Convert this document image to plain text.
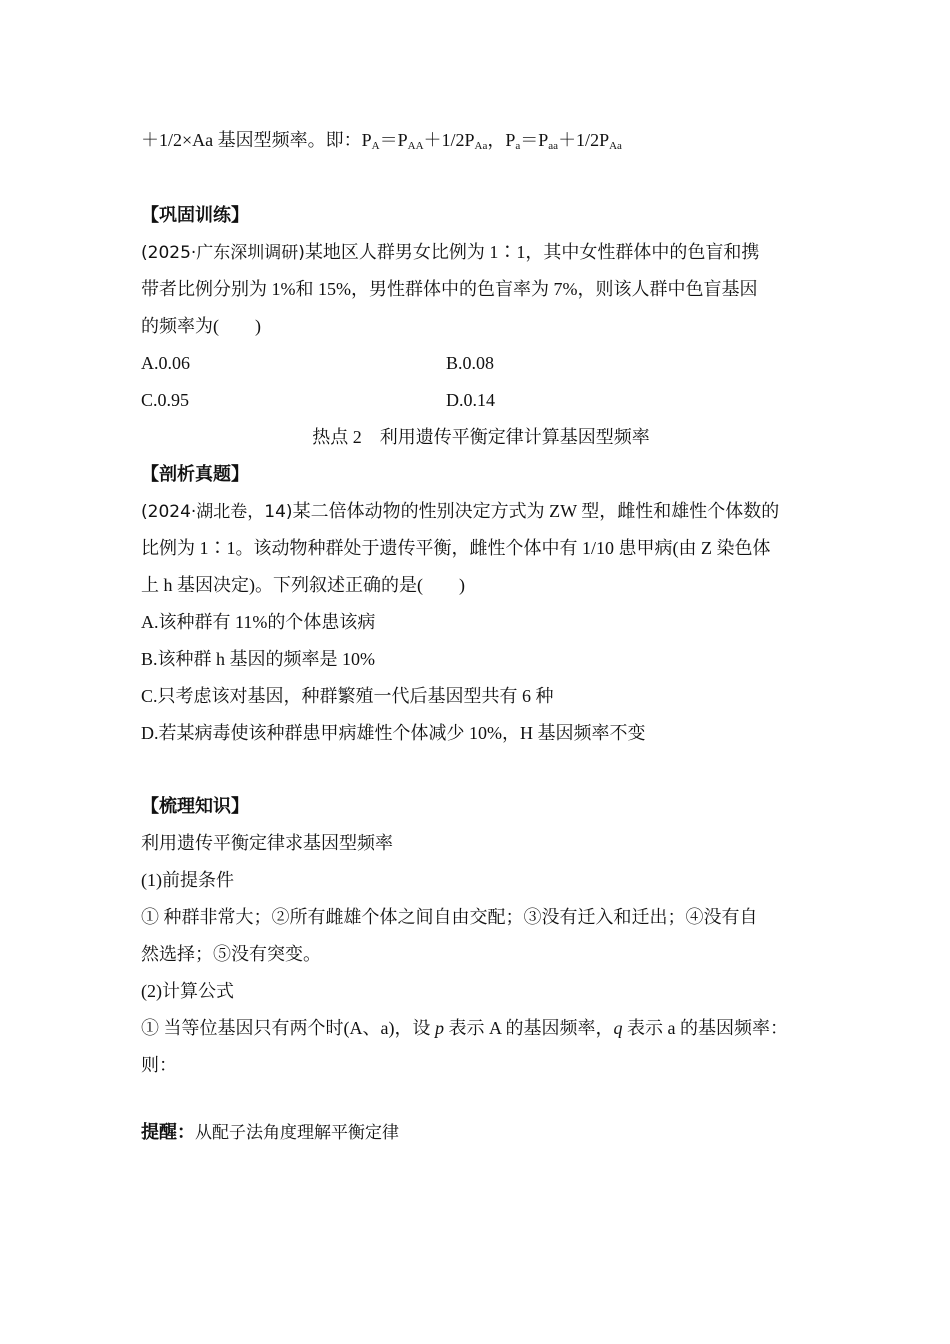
＋1/2×Aa 基因型频率。即：$P_A=P_{AA}+1/2P_{Aa}$，$P_a=P_{aa}+1/2P_{Aa}$
【巩固训练】
(2025·广东深圳调研)某地区人群男女比例为 1∶1，其中女性群体中的色盲和携
带者比例分别为 1%和 15%，男性群体中的色盲率为 7%，则该人群中色盲基因
的频率为(　　)
A.0.06	B.0.08
C.0.95	D.0.14
热点 2　利用遗传平衡定律计算基因型频率
【剖析真题】
(2024·湖北卷，14)某二倍体动物的性别决定方式为 ZW 型，雌性和雄性个体数的
比例为 1∶1。该动物种群处于遗传平衡，雌性个体中有 1/10 患甲病(由 Z 染色体
上 h 基因决定)。下列叙述正确的是(　　)
A.该种群有 11%的个体患该病
B.该种群 h 基因的频率是 10%
C.只考虑该对基因，种群繁殖一代后基因型共有 6 种
D.若某病毒使该种群患甲病雄性个体减少 10%，H 基因频率不变
【梳理知识】
利用遗传平衡定律求基因型频率
(1)前提条件
① 种群非常大；②所有雌雄个体之间自由交配；③没有迁入和迁出；④没有自
然选择；⑤没有突变。
(2)计算公式
① 当等位基因只有两个时(A、a)，设 p 表示 A 的基因频率，q 表示 a 的基因频率：
则：
提醒：从配子法角度理解平衡定律
